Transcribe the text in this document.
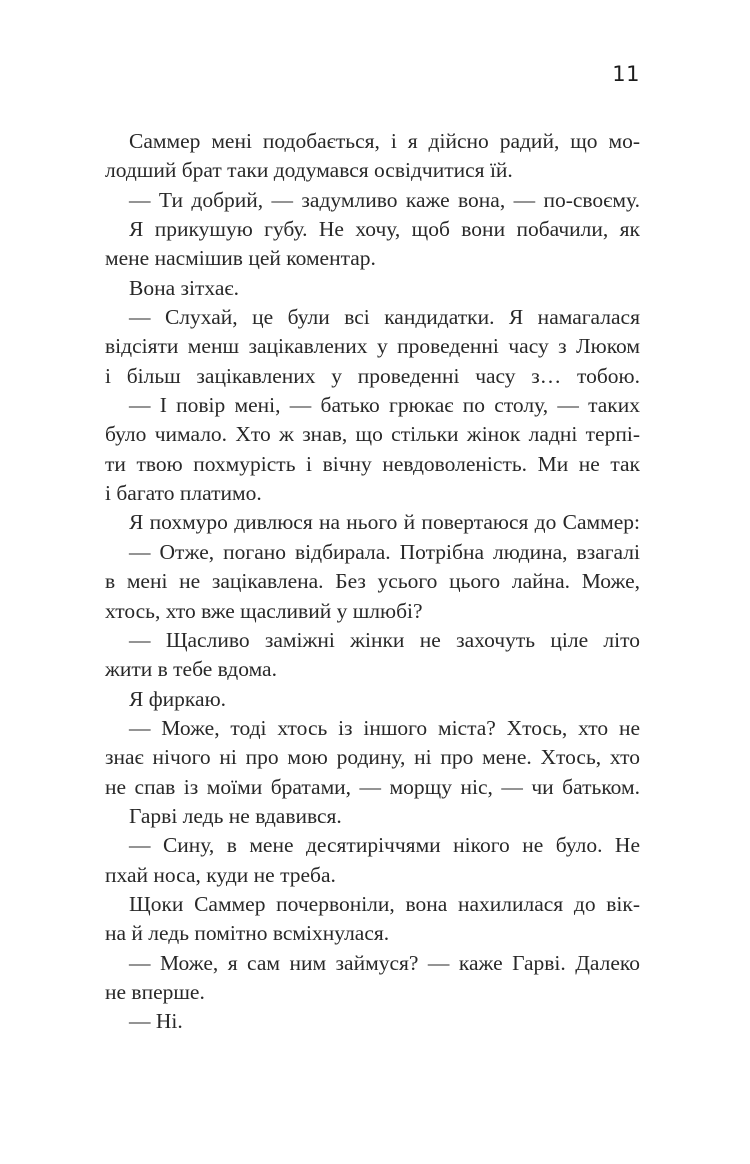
11
Саммер мені подобається, і я дійсно радий, що мо-
лодший брат таки додумався освідчитися їй.
— Ти добрий, — задумливо каже вона, — по-своєму.
Я прикушую губу. Не хочу, щоб вони побачили, як
мене насмішив цей коментар.
Вона зітхає.
— Слухай, це були всі кандидатки. Я намагалася
відсіяти менш зацікавлених у проведенні часу з Люком
і більш зацікавлених у проведенні часу з… тобою.
— І повір мені, — батько грюкає по столу, — таких
було чимало. Хто ж знав, що стільки жінок ладні терпі-
ти твою похмурість і вічну невдоволеність. Ми не так
і багато платимо.
Я похмуро дивлюся на нього й повертаюся до Саммер:
— Отже, погано відбирала. Потрібна людина, взагалі
в мені не зацікавлена. Без усього цього лайна. Може,
хтось, хто вже щасливий у шлюбі?
— Щасливо заміжні жінки не захочуть ціле літо
жити в тебе вдома.
Я фиркаю.
— Може, тоді хтось із іншого міста? Хтось, хто не
знає нічого ні про мою родину, ні про мене. Хтось, хто
не спав із моїми братами, — морщу ніс, — чи батьком.
Гарві ледь не вдавився.
— Сину, в мене десятиріччями нікого не було. Не
пхай носа, куди не треба.
Щоки Саммер почервоніли, вона нахилилася до вік-
на й ледь помітно всміхнулася.
— Може, я сам ним займуся? — каже Гарві. Далеко
не вперше.
— Ні.
